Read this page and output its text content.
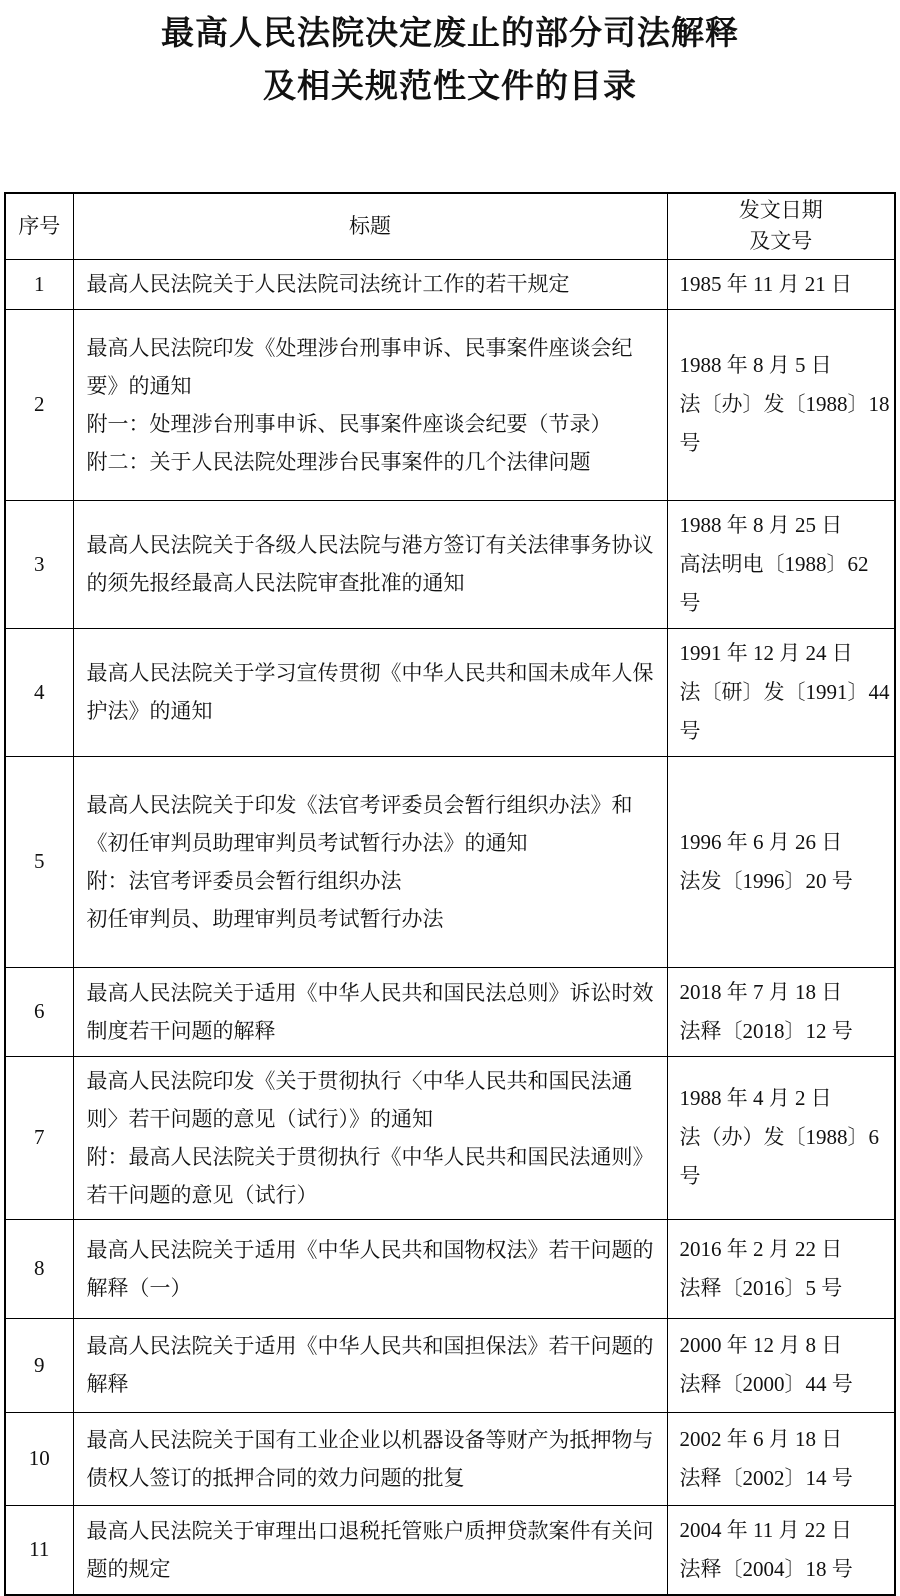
最高人民法院决定废止的部分司法解释
及相关规范性文件的目录
序号	标题	发文日期
及文号
1	最高人民法院关于人民法院司法统计工作的若干规定	1985 年 11 月 21 日

2	最高人民法院印发《处理涉台刑事申诉、民事案件座谈会纪要》的通知
附一：处理涉台刑事申诉、民事案件座谈会纪要（节录）
附二：关于人民法院处理涉台民事案件的几个法律问题	1988 年 8 月 5 日
法〔办〕发〔1988〕18 号

3	最高人民法院关于各级人民法院与港方签订有关法律事务协议的须先报经最高人民法院审查批准的通知	1988 年 8 月 25 日
高法明电〔1988〕62 号

4	最高人民法院关于学习宣传贯彻《中华人民共和国未成年人保护法》的通知	1991 年 12 月 24 日
法〔研〕发〔1991〕44 号

5	最高人民法院关于印发《法官考评委员会暂行组织办法》和《初任审判员助理审判员考试暂行办法》的通知
附：法官考评委员会暂行组织办法
初任审判员、助理审判员考试暂行办法	1996 年 6 月 26 日
法发〔1996〕20 号

6	最高人民法院关于适用《中华人民共和国民法总则》诉讼时效制度若干问题的解释	2018 年 7 月 18 日
法释〔2018〕12 号

7	最高人民法院印发《关于贯彻执行〈中华人民共和国民法通则〉若干问题的意见（试行）》的通知
附：最高人民法院关于贯彻执行《中华人民共和国民法通则》若干问题的意见（试行）	1988 年 4 月 2 日
法（办）发〔1988〕6 号

8	最高人民法院关于适用《中华人民共和国物权法》若干问题的解释（一）	2016 年 2 月 22 日
法释〔2016〕5 号

9	最高人民法院关于适用《中华人民共和国担保法》若干问题的解释	2000 年 12 月 8 日
法释〔2000〕44 号

10	最高人民法院关于国有工业企业以机器设备等财产为抵押物与债权人签订的抵押合同的效力问题的批复	2002 年 6 月 18 日
法释〔2002〕14 号

11	最高人民法院关于审理出口退税托管账户质押贷款案件有关问题的规定	2004 年 11 月 22 日
法释〔2004〕18 号
